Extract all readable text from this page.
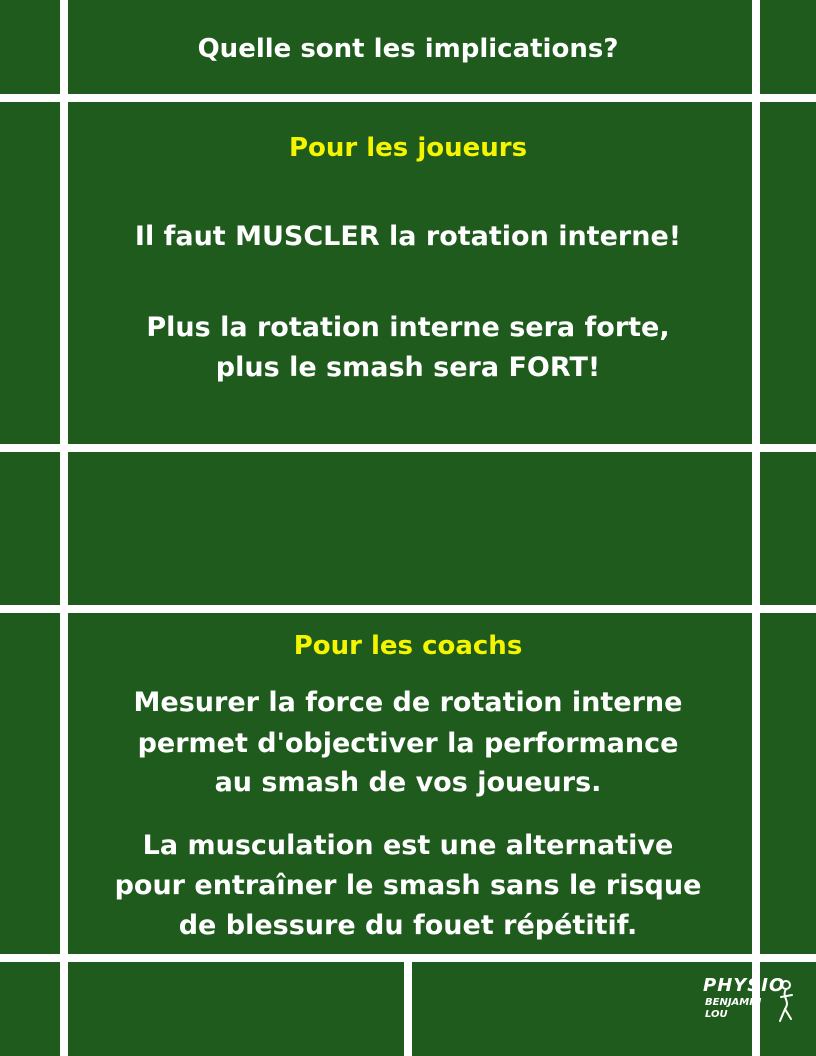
Quelle sont les implications?
Pour les joueurs
Il faut MUSCLER la rotation interne!
Plus la rotation interne sera forte,
plus le smash sera FORT!
Pour les coachs
Mesurer la force de rotation interne
permet d'objectiver la performance
au smash de vos joueurs.
La musculation est une alternative
pour entraîner le smash sans le risque
de blessure du fouet répétitif.
PHYSIO
BENJAMIN
LOU
